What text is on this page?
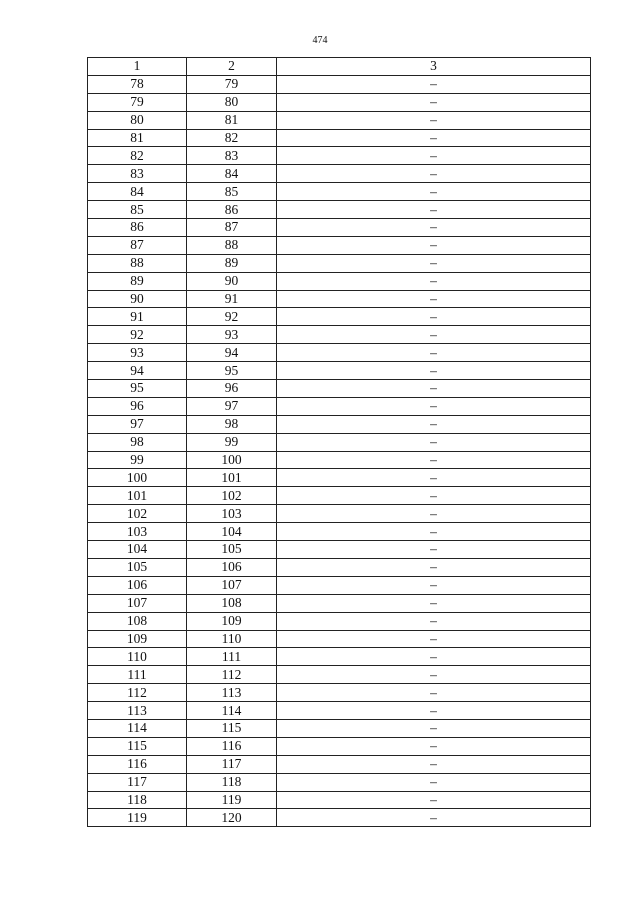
474
1	2	3
78	79	–
79	80	–
80	81	–
81	82	–
82	83	–
83	84	–
84	85	–
85	86	–
86	87	–
87	88	–
88	89	–
89	90	–
90	91	–
91	92	–
92	93	–
93	94	–
94	95	–
95	96	–
96	97	–
97	98	–
98	99	–
99	100	–
100	101	–
101	102	–
102	103	–
103	104	–
104	105	–
105	106	–
106	107	–
107	108	–
108	109	–
109	110	–
110	111	–
111	112	–
112	113	–
113	114	–
114	115	–
115	116	–
116	117	–
117	118	–
118	119	–
119	120	–
